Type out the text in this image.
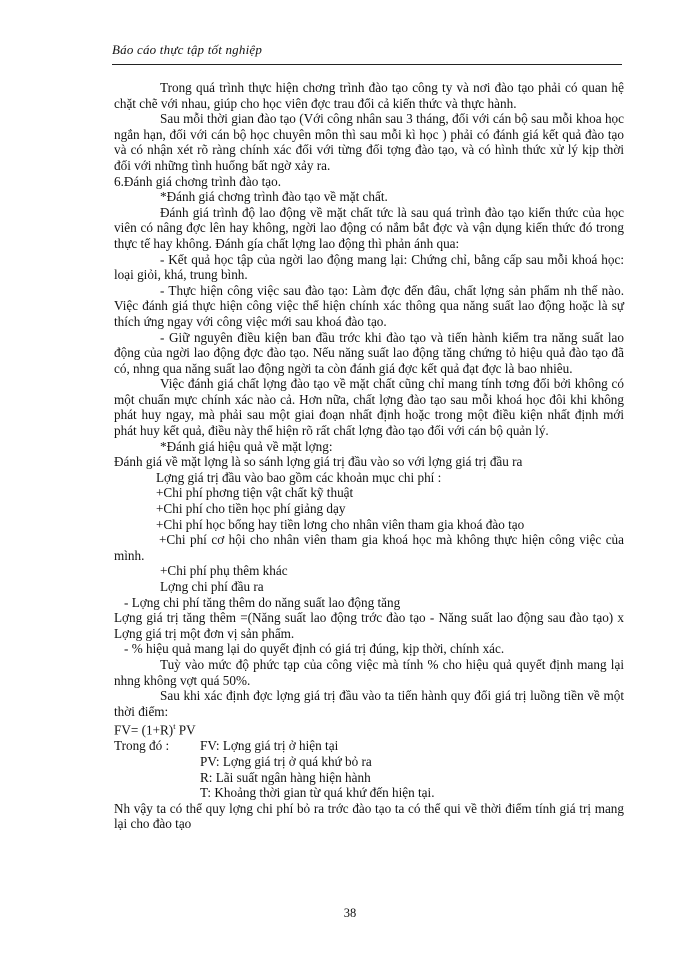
Báo cáo thực tập tốt nghiệp

Trong quá trình thực hiện chơng trình đào tạo công ty và nơi đào tạo phải có quan hệ chặt chẽ với nhau, giúp cho học viên đợc trau đổi cả kiến thức và thực hành.

Sau mỗi thời gian đào tạo (Với công nhân sau 3 tháng, đối với cán bộ sau mỗi khoa học ngắn hạn, đối với cán bộ học chuyên môn thì sau mỗi kì học ) phải có đánh giá kết quả đào tạo và có nhận xét rõ ràng chính xác đối với từng đối tợng đào tạo, và có hình thức xử lý kịp thời đối với những tình huống bất ngờ xảy ra.

6.Đánh giá chơng trình đào tạo.

*Đánh giá chơng trình đào tạo về mặt chất.

Đánh giá trình độ lao động về mặt chất tức là sau quá trình đào tạo kiến thức của học viên có nâng đợc lên hay không, ngời lao động có nắm bắt đợc và vận dụng kiến thức đó trong thực tế hay không. Đánh gía chất lợng lao động thì phản ánh qua:

- Kết quả học tập của ngời lao động mang lại: Chứng chỉ, bằng cấp sau mỗi khoá học: loại giỏi, khá, trung bình.

- Thực hiện công việc sau đào tạo: Làm đợc đến đâu, chất lợng sản phẩm nh thế nào. Việc đánh giá thực hiện công việc thể hiện chính xác thông qua năng suất lao động hoặc là sự thích ứng ngay với công việc mới sau khoá đào tạo.

- Giữ nguyên điều kiện ban đầu trớc khi đào tạo và tiến hành kiểm tra năng suất lao động của ngời lao động đợc đào tạo. Nếu năng suất lao động tăng chứng tỏ hiệu quả đào tạo đã có, nhng qua năng suất lao động ngời ta còn đánh giá đợc kết quả đạt đợc là bao nhiêu.

Việc đánh giá chất lợng đào tạo về mặt chất cũng chỉ mang tính tơng đối bởi không có một chuẩn mực chính xác nào cả. Hơn nữa, chất lợng đào tạo sau mỗi khoá học đôi khi không phát huy ngay, mà phải sau một giai đoạn nhất định hoặc trong một điều kiện nhất định mới phát huy kết quả, điều này thể hiện rõ rất chất lợng đào tạo đối với cán bộ quản lý.

*Đánh giá hiệu quả về mặt lợng:

Đánh giá về mặt lợng là so sánh lợng giá trị đầu vào so với lợng giá trị đầu ra

Lợng giá trị đầu vào bao gồm các khoản mục chi phí :

+Chi phí phơng tiện vật chất kỹ thuật

+Chi phí cho tiền học phí giảng dạy

+Chi phí học bổng hay tiền lơng cho nhân viên tham gia khoá đào tạo

+Chi phí cơ hội cho nhân viên tham gia khoá học mà không thực hiện công việc của mình.

+Chi phí phụ thêm khác

Lợng chi phí đầu ra

- Lợng chi phí tăng thêm do năng suất lao động tăng

Lợng giá trị tăng thêm =(Năng suất lao động trớc đào tạo - Năng suất lao động sau đào tạo) x Lợng giá trị một đơn vị sản phẩm.

- % hiệu quả mang lại do quyết định có giá trị đúng, kịp thời, chính xác.

Tuỳ vào mức độ phức tạp của công việc mà tính % cho hiệu quả quyết định mang lại nhng không vợt quá 50%.

Sau khi xác định đợc lợng giá trị đầu vào ta tiến hành quy đổi giá trị luồng tiền về một thời điểm:

$FV= (1+R)^t$ PV

Trong đó : FV: Lợng giá trị ở hiện tại

PV: Lợng giá trị ở quá khứ bỏ ra

R: Lãi suất ngân hàng hiện hành

T: Khoảng thời gian từ quá khứ đến hiện tại.

Nh vậy ta có thể quy lợng chi phí bỏ ra trớc đào tạo ta có thể qui về thời điểm tính giá trị mang lại cho đào tạo

38
